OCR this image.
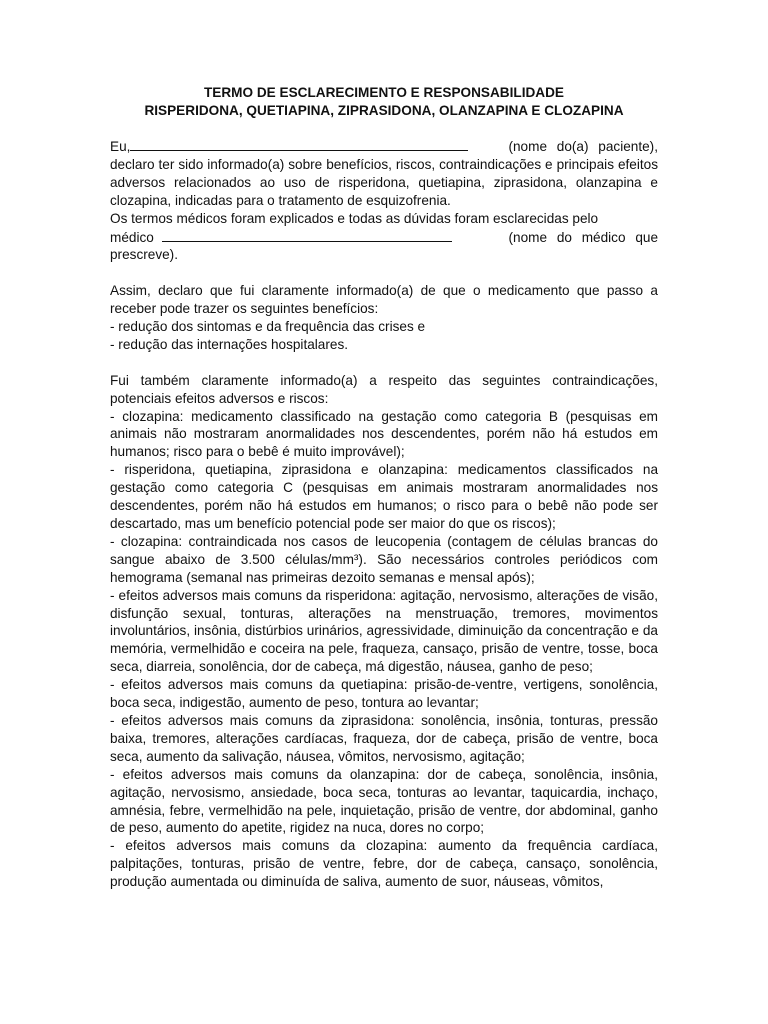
TERMO DE ESCLARECIMENTO E RESPONSABILIDADE

RISPERIDONA, QUETIAPINA, ZIPRASIDONA, OLANZAPINA E CLOZAPINA

Eu,	(nome do(a) paciente),

declaro ter sido informado(a) sobre benefícios, riscos, contraindicações e principais efeitos adversos relacionados ao uso de risperidona, quetiapina, ziprasidona, olanzapina e clozapina, indicadas para o tratamento de esquizofrenia.

Os termos médicos foram explicados e todas as dúvidas foram esclarecidas pelo

médico	(nome do médico que

prescreve).

Assim, declaro que fui claramente informado(a) de que o medicamento que passo a receber pode trazer os seguintes benefícios:

- redução dos sintomas e da frequência das crises e

- redução das internações hospitalares.

Fui também claramente informado(a) a respeito das seguintes contraindicações, potenciais efeitos adversos e riscos:

- clozapina: medicamento classificado na gestação como categoria B (pesquisas em animais não mostraram anormalidades nos descendentes, porém não há estudos em humanos; risco para o bebê é muito improvável);

- risperidona, quetiapina, ziprasidona e olanzapina: medicamentos classificados na gestação como categoria C (pesquisas em animais mostraram anormalidades nos descendentes, porém não há estudos em humanos; o risco para o bebê não pode ser descartado, mas um benefício potencial pode ser maior do que os riscos);

- clozapina: contraindicada nos casos de leucopenia (contagem de células brancas do sangue abaixo de 3.500 células/mm³). São necessários controles periódicos com hemograma (semanal nas primeiras dezoito semanas e mensal após);

- efeitos adversos mais comuns da risperidona: agitação, nervosismo, alterações de visão, disfunção sexual, tonturas, alterações na menstruação, tremores, movimentos involuntários, insônia, distúrbios urinários, agressividade, diminuição da concentração e da memória, vermelhidão e coceira na pele, fraqueza, cansaço, prisão de ventre, tosse, boca seca, diarreia, sonolência, dor de cabeça, má digestão, náusea, ganho de peso;

- efeitos adversos mais comuns da quetiapina: prisão-de-ventre, vertigens, sonolência, boca seca, indigestão, aumento de peso, tontura ao levantar;

- efeitos adversos mais comuns da ziprasidona: sonolência, insônia, tonturas, pressão baixa, tremores, alterações cardíacas, fraqueza, dor de cabeça, prisão de ventre, boca seca, aumento da salivação, náusea, vômitos, nervosismo, agitação;

- efeitos adversos mais comuns da olanzapina: dor de cabeça, sonolência, insônia, agitação, nervosismo, ansiedade, boca seca, tonturas ao levantar, taquicardia, inchaço, amnésia, febre, vermelhidão na pele, inquietação, prisão de ventre, dor abdominal, ganho de peso, aumento do apetite, rigidez na nuca, dores no corpo;

- efeitos adversos mais comuns da clozapina: aumento da frequência cardíaca, palpitações, tonturas, prisão de ventre, febre, dor de cabeça, cansaço, sonolência, produção aumentada ou diminuída de saliva, aumento de suor, náuseas, vômitos,
